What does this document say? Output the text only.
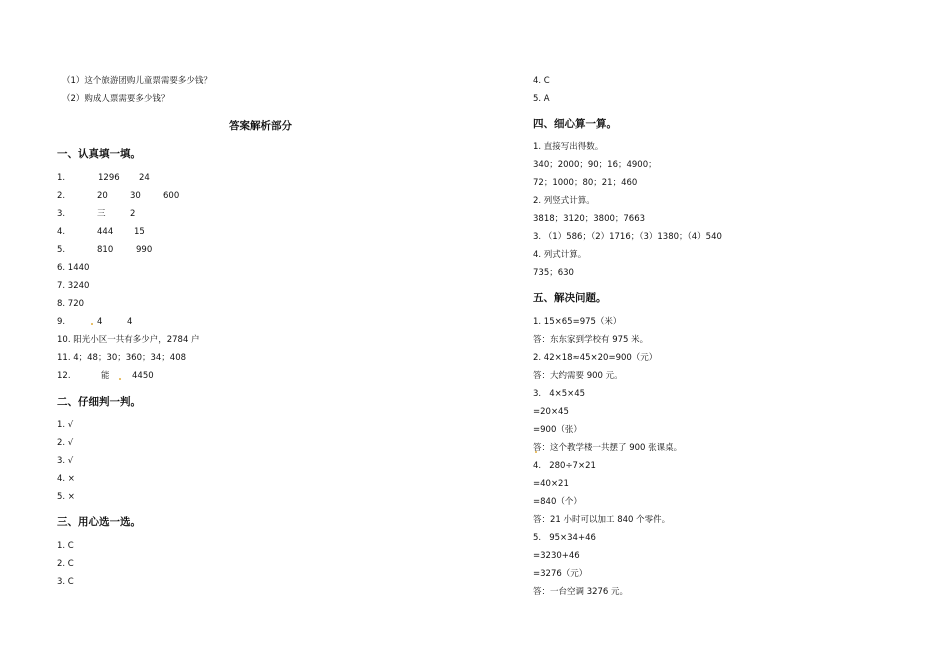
（1）这个旅游团购儿童票需要多少钱？
（2）购成人票需要多少钱？
答案解析部分
一、认真填一填。
1.	1296 24
2.	20	30	600
3.	三	2
4.	444 15
5.	810	990
6. 1440
7. 3240
8. 720
9.	4	4
10. 阳光小区一共有多少户，2784 户
11. 4；48；30；360；34；408
12.	能	4450
二、仔细判一判。
1. √
2. √
3. √
4. ×
5. ×
三、用心选一选。
1. C
2. C
3. C
4. C
5. A
四、细心算一算。
1. 直接写出得数。
340；2000；90；16；4900；
72；1000；80；21；460
2. 列竖式计算。
3818；3120；3800；7663
3. （1）586；（2）1716；（3）1380；（4）540
4. 列式计算。
735；630
五、解决问题。
1. 15×65=975（米）
答：东东家到学校有 975 米。
2. 42×18≈45×20=900（元）
答：大约需要 900 元。
3.   4×5×45
=20×45
=900（张）
答：这个教学楼一共摆了 900 张课桌。
4.   280÷7×21
=40×21
=840（个）
答：21 小时可以加工 840 个零件。
5.   95×34+46
=3230+46
=3276（元）
答：一台空调 3276 元。
